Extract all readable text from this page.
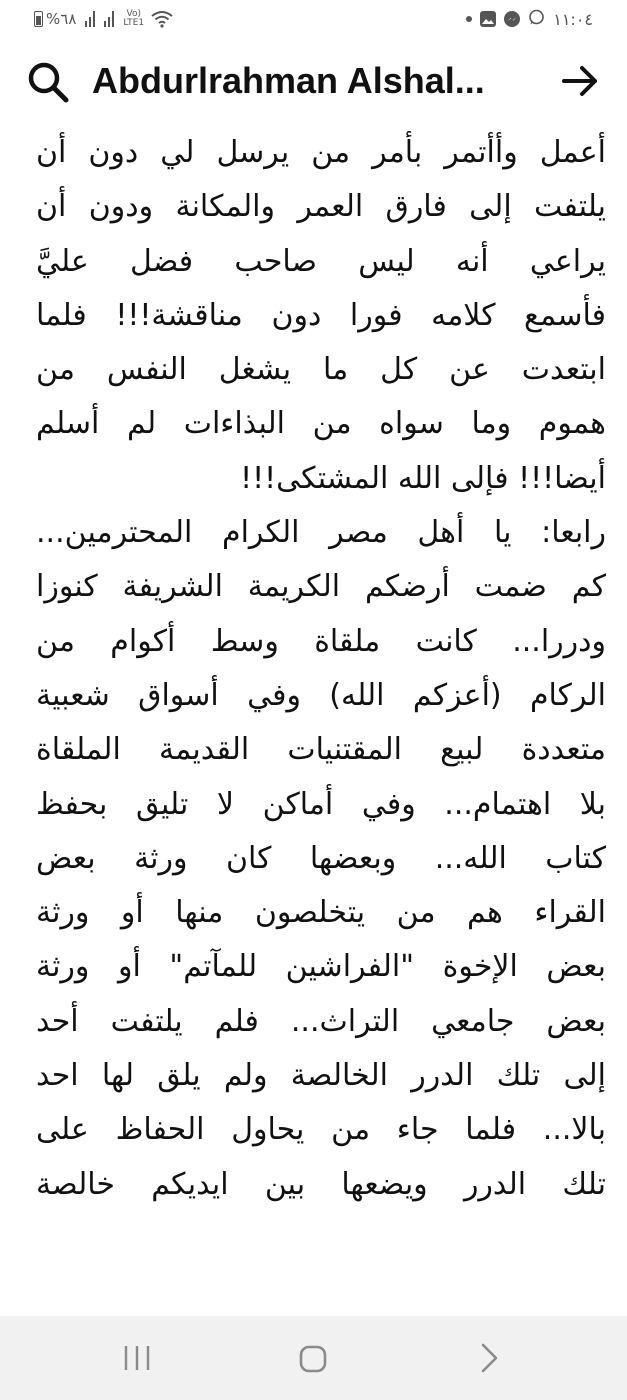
%٦٨	Vo)
LTE1	١١:٠٤
Abdurlrahman Alshal...
أعمل وأأتمر بأمر من يرسل لي دون أن
يلتفت إلى فارق العمر والمكانة ودون أن
يراعي أنه ليس صاحب فضل عليَّ
فأسمع كلامه فورا دون مناقشة!!! فلما
ابتعدت عن كل ما يشغل النفس من
هموم وما سواه من البذاءات لم أسلم
أيضا!!! فإلى الله المشتكى!!!
رابعا: يا أهل مصر الكرام المحترمين...
كم ضمت أرضكم الكريمة الشريفة كنوزا
ودررا... كانت ملقاة وسط أكوام من
الركام (أعزكم الله) وفي أسواق شعبية
متعددة لبيع المقتنيات القديمة الملقاة
بلا اهتمام... وفي أماكن لا تليق بحفظ
كتاب الله... وبعضها كان ورثة بعض
القراء هم من يتخلصون منها أو ورثة
بعض الإخوة "الفراشين للمآتم" أو ورثة
بعض جامعي التراث... فلم يلتفت أحد
إلى تلك الدرر الخالصة ولم يلق لها احد
بالا... فلما جاء من يحاول الحفاظ على
تلك الدرر ويضعها بين ايديكم خالصة
